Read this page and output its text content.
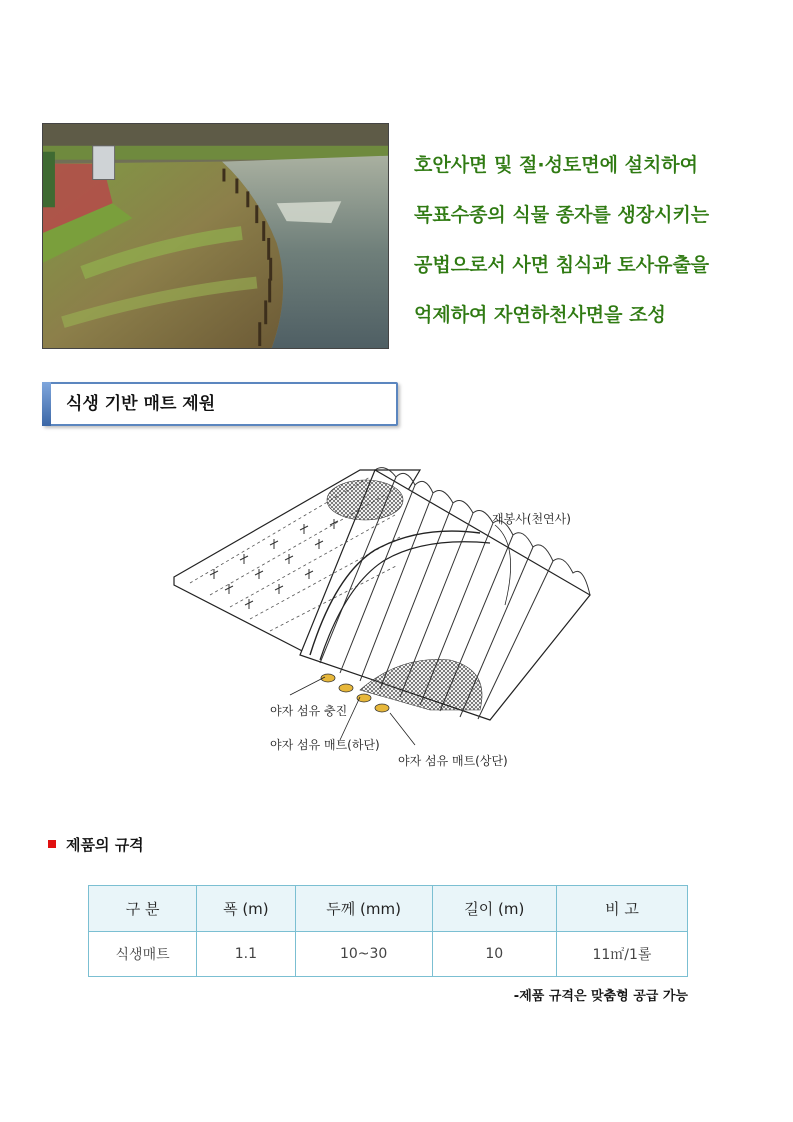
호안사면 및 절·성토면에 설치하여
목표수종의 식물 종자를 생장시키는
공법으로서 사면 침식과 토사유출을
억제하여 자연하천사면을 조성
식생 기반 매트 제원
재봉사(천연사)
야자 섬유 충진
야자 섬유 매트(하단)
야자 섬유 매트(상단)
제품의 규격
구 분	폭 (m)	두께 (mm)	길이 (m)	비 고
식생매트	1.1	10~30	10	11㎡/1롤
-제품 규격은 맞춤형 공급 가능
